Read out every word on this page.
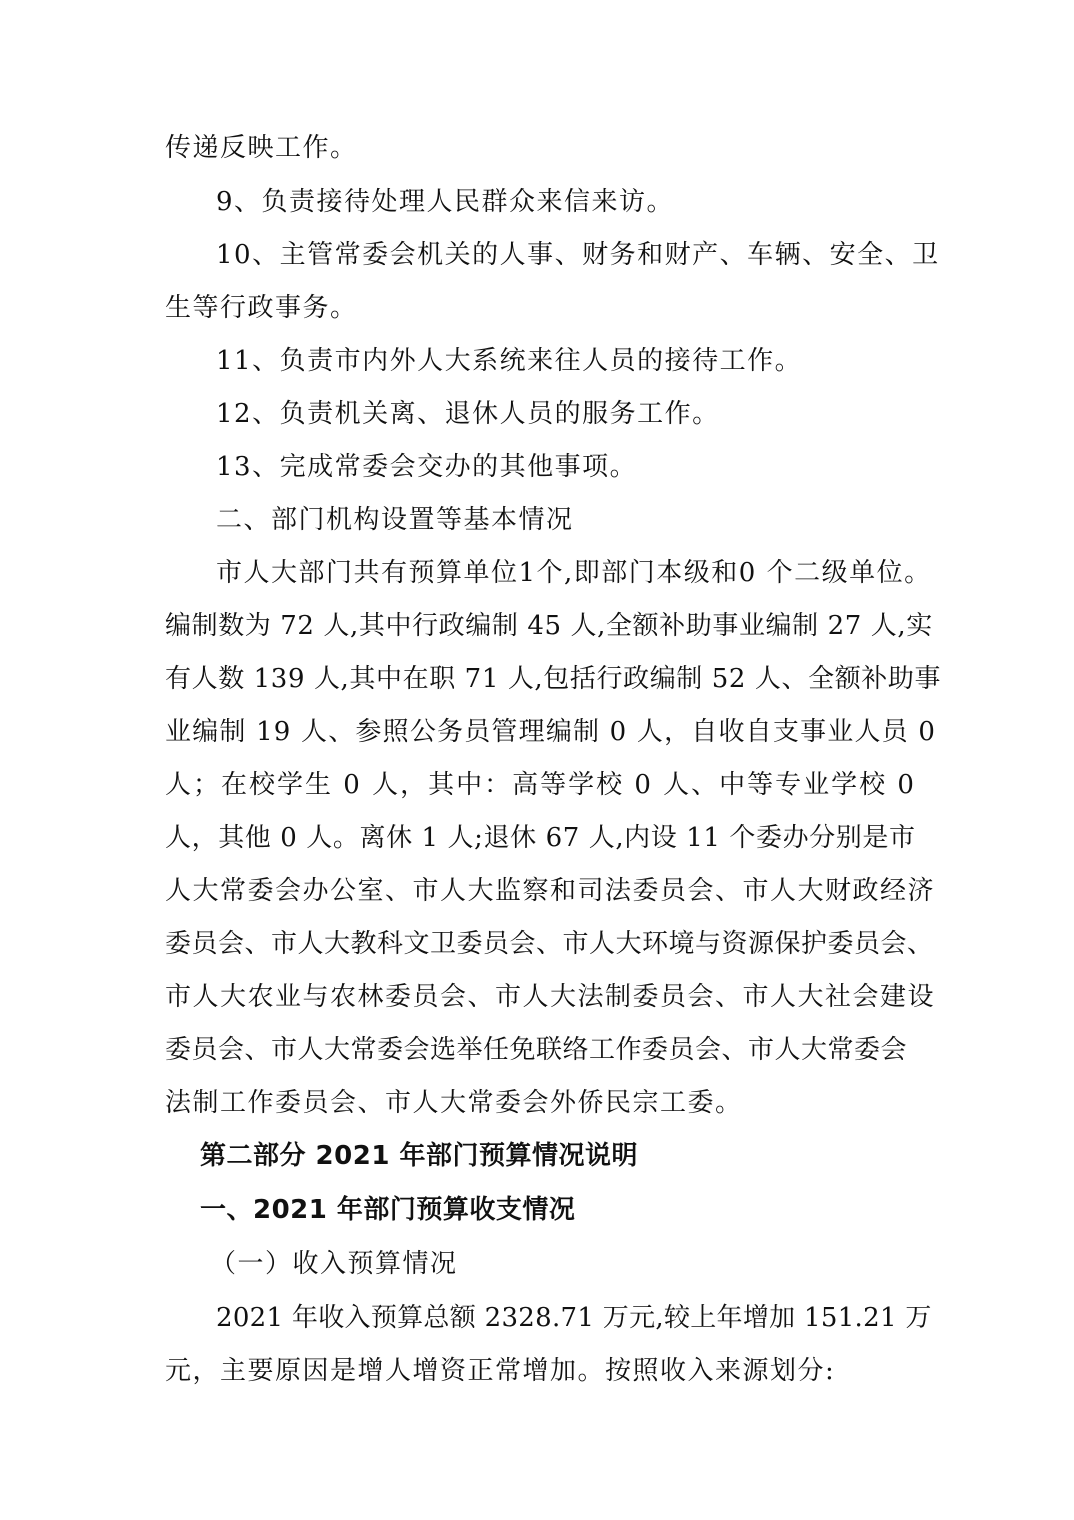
传递反映工作。
9、负责接待处理人民群众来信来访。
10、主管常委会机关的人事、财务和财产、车辆、安全、卫
生等行政事务。
11、负责市内外人大系统来往人员的接待工作。
12、负责机关离、退休人员的服务工作。
13、完成常委会交办的其他事项。
二、部门机构设置等基本情况
市人大部门共有预算单位1个,即部门本级和0 个二级单位。
编制数为 72 人,其中行政编制 45 人,全额补助事业编制 27 人,实
有人数 139 人,其中在职 71 人,包括行政编制 52 人、全额补助事
业编制 19 人、参照公务员管理编制 0 人，自收自支事业人员 0
人；在校学生 0 人，其中：高等学校 0 人、中等专业学校 0
人，其他 0 人。离休 1 人;退休 67 人,内设 11 个委办分别是市
人大常委会办公室、市人大监察和司法委员会、市人大财政经济
委员会、市人大教科文卫委员会、市人大环境与资源保护委员会、
市人大农业与农林委员会、市人大法制委员会、市人大社会建设
委员会、市人大常委会选举任免联络工作委员会、市人大常委会
法制工作委员会、市人大常委会外侨民宗工委。
第二部分 2021 年部门预算情况说明
一、2021 年部门预算收支情况
（一）收入预算情况
2021 年收入预算总额 2328.71 万元,较上年增加 151.21 万
元，主要原因是增人增资正常增加。按照收入来源划分:
